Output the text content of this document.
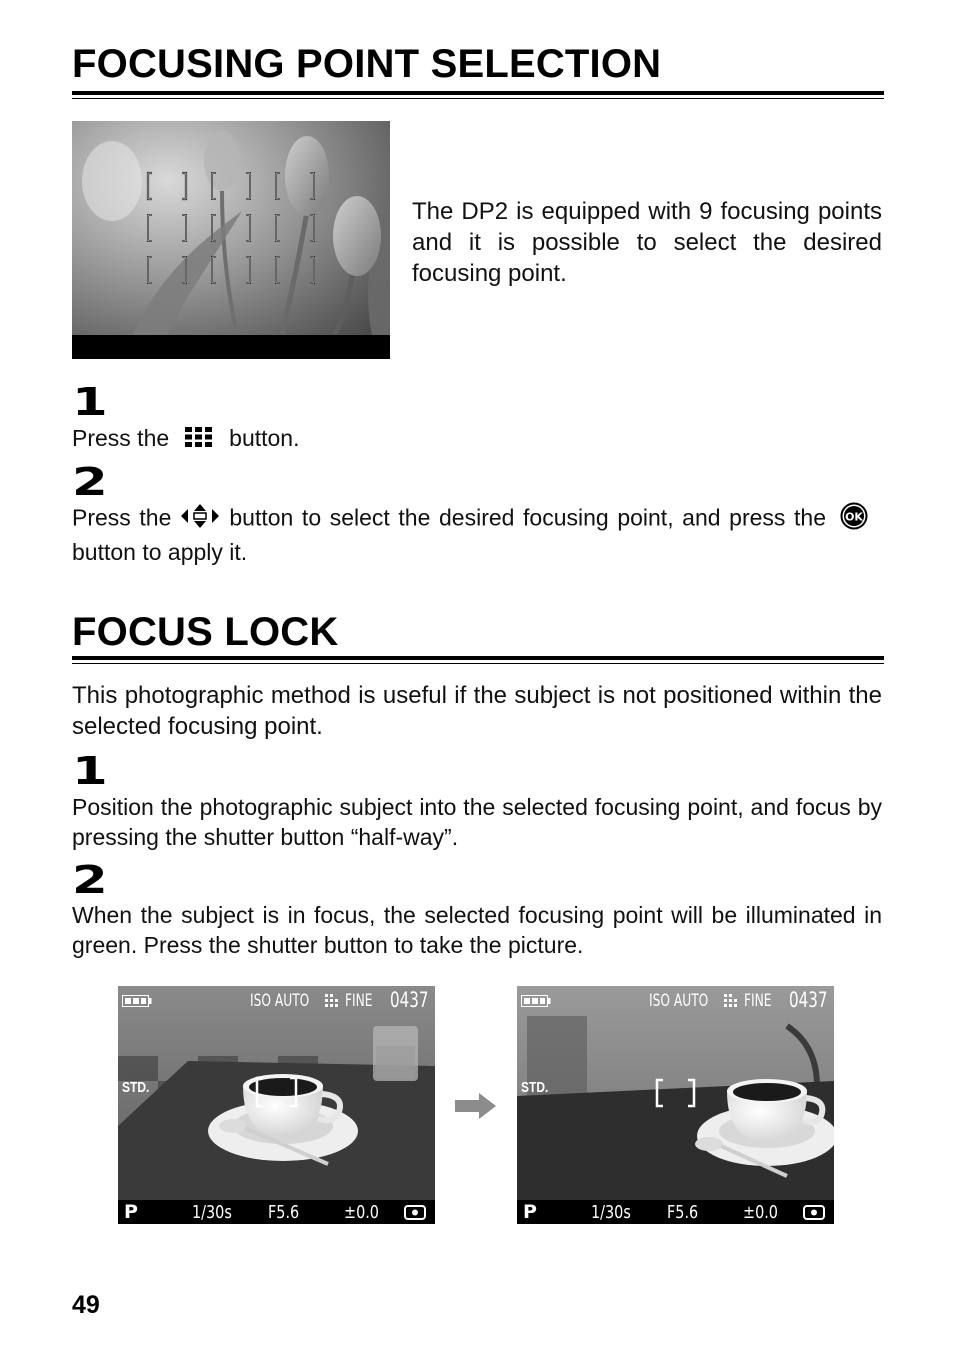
FOCUSING POINT SELECTION
The DP2 is equipped with 9 focusing points and it is possible to select the desired focusing point.
1
Press the	button.
2
Press the	button to select the desired focusing point, and press the OK
button to apply it.
FOCUS LOCK
This photographic method is useful if the subject is not positioned within the selected focusing point.
1
Position the photographic subject into the selected focusing point, and focus by pressing the shutter button “half-way”.
2
When the subject is in focus, the selected focusing point will be illuminated in green. Press the shutter button to take the picture.
ISO AUTO FINE 0437
STD.
P	1/30s F5.6 ±0.0
ISO AUTO FINE 0437
STD.
P	1/30s F5.6 ±0.0
49
